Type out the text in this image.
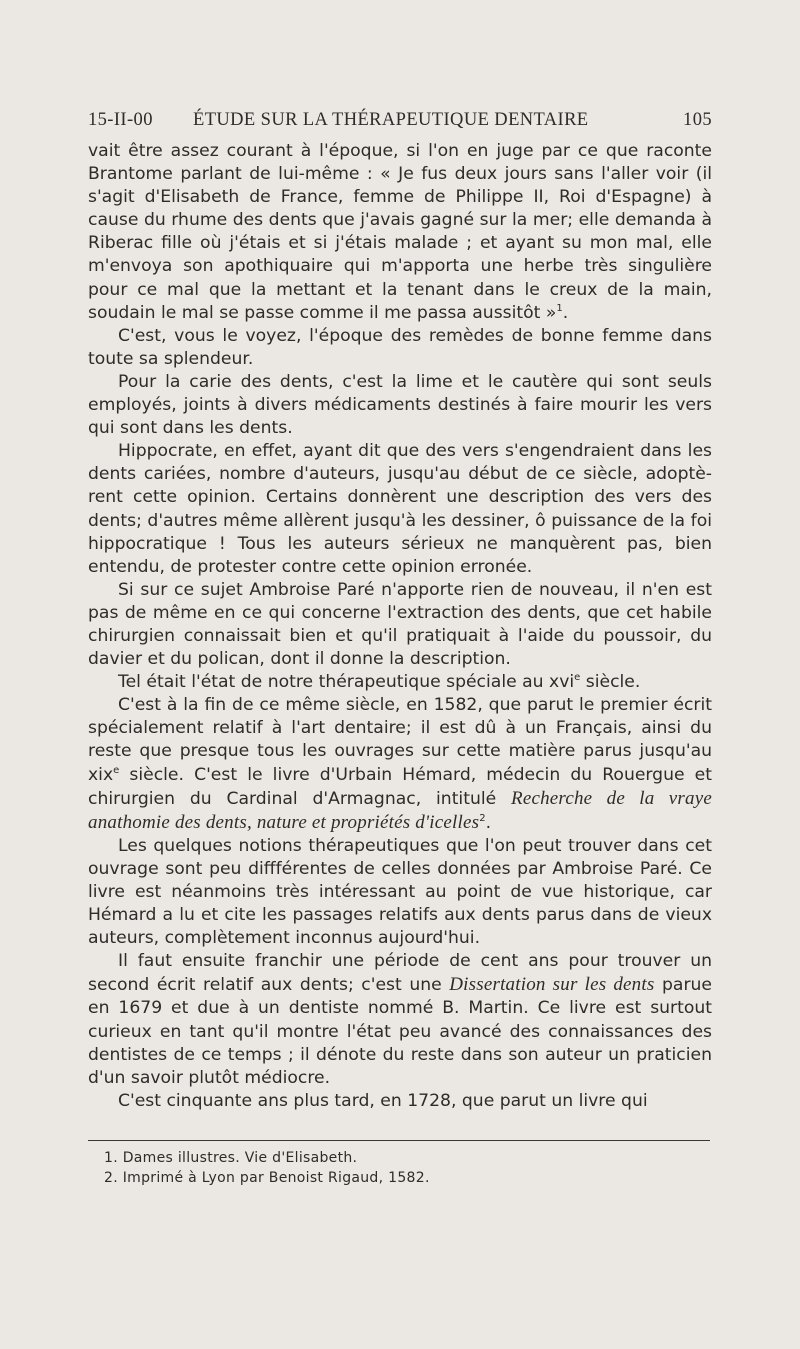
15-II-00 ÉTUDE SUR LA THÉRAPEUTIQUE DENTAIRE	105

vait être assez courant à l'époque, si l'on en juge par ce que raconte Brantome parlant de lui-même : « Je fus deux jours sans l'aller voir (il s'agit d'Elisabeth de France, femme de Philippe II, Roi d'Espagne) à cause du rhume des dents que j'avais gagné sur la mer; elle demanda à Riberac fille où j'étais et si j'étais malade ; et ayant su mon mal, elle m'envoya son apothiquaire qui m'apporta une herbe très singulière pour ce mal que la mettant et la tenant dans le creux de la main, soudain le mal se passe comme il me passa aussitôt »$^1$.

C'est, vous le voyez, l'époque des remèdes de bonne femme dans toute sa splendeur.

Pour la carie des dents, c'est la lime et le cautère qui sont seuls employés, joints à divers médicaments destinés à faire mourir les vers qui sont dans les dents.

Hippocrate, en effet, ayant dit que des vers s'engendraient dans les dents cariées, nombre d'auteurs, jusqu'au début de ce siècle, adoptèrent cette opinion. Certains donnèrent une description des vers des dents; d'autres même allèrent jusqu'à les dessiner, ô puissance de la foi hippocratique ! Tous les auteurs sérieux ne manquèrent pas, bien entendu, de protester contre cette opinion erronée.

Si sur ce sujet Ambroise Paré n'apporte rien de nouveau, il n'en est pas de même en ce qui concerne l'extraction des dents, que cet habile chirurgien connaissait bien et qu'il pratiquait à l'aide du poussoir, du davier et du polican, dont il donne la description.

Tel était l'état de notre thérapeutique spéciale au xvi$^e$ siècle.

C'est à la fin de ce même siècle, en 1582, que parut le premier écrit spécialement relatif à l'art dentaire; il est dû à un Français, ainsi du reste que presque tous les ouvrages sur cette matière parus jusqu'au xix$^e$ siècle. C'est le livre d'Urbain Hémard, médecin du Rouergue et chirurgien du Cardinal d'Armagnac, intitulé Recherche de la vraye anathomie des dents, nature et propriétés d'icelles$^2$.

Les quelques notions thérapeutiques que l'on peut trouver dans cet ouvrage sont peu diffférentes de celles données par Ambroise Paré. Ce livre est néanmoins très intéressant au point de vue historique, car Hémard a lu et cite les passages relatifs aux dents parus dans de vieux auteurs, complètement inconnus aujourd'hui.

Il faut ensuite franchir une période de cent ans pour trouver un second écrit relatif aux dents; c'est une Dissertation sur les dents parue en 1679 et due à un dentiste nommé B. Martin. Ce livre est surtout curieux en tant qu'il montre l'état peu avancé des connaissances des dentistes de ce temps ; il dénote du reste dans son auteur un praticien d'un savoir plutôt médiocre.

C'est cinquante ans plus tard, en 1728, que parut un livre qui

1. Dames illustres. Vie d'Elisabeth.
2. Imprimé à Lyon par Benoist Rigaud, 1582.
